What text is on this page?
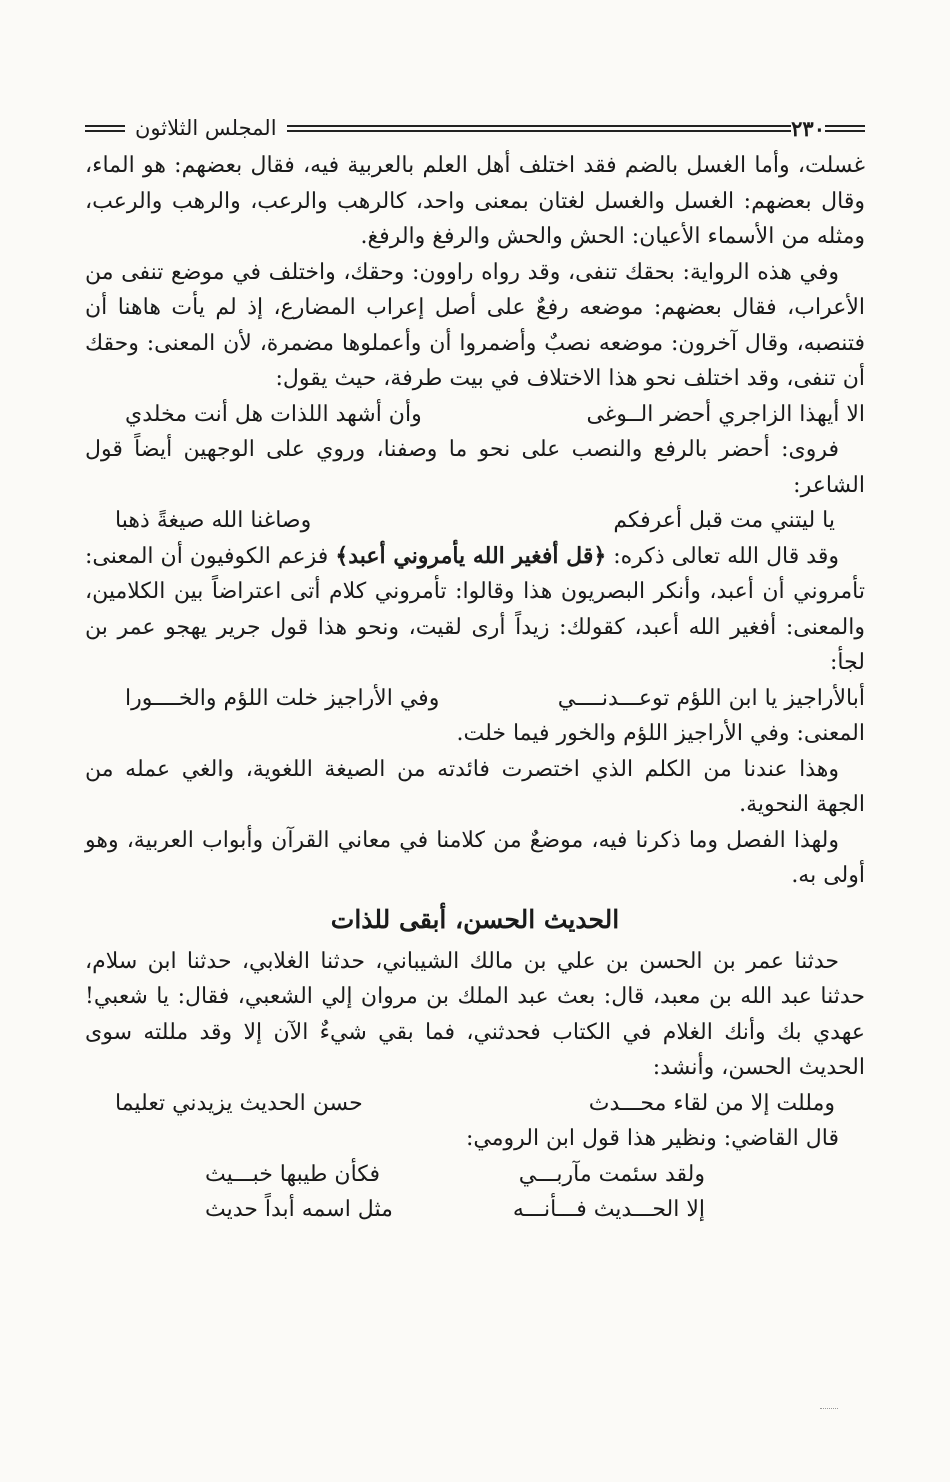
٢٣٠
المجلس الثلاثون

غسلت، وأما الغسل بالضم فقد اختلف أهل العلم بالعربية فيه، فقال بعضهم: هو الماء، وقال بعضهم: الغسل والغسل لغتان بمعنى واحد، كالرهب والرعب، والرهب والرعب، ومثله من الأسماء الأعيان: الحش والحش والرفغ والرفغ.

وفي هذه الرواية: بحقك تنفى، وقد رواه راوون: وحقك، واختلف في موضع تنفى من الأعراب، فقال بعضهم: موضعه رفعٌ على أصل إعراب المضارع، إذ لم يأت هاهنا أن فتنصبه، وقال آخرون: موضعه نصبٌ وأضمروا أن وأعملوها مضمرة، لأن المعنى: وحقك أن تنفى، وقد اختلف نحو هذا الاختلاف في بيت طرفة، حيث يقول:

الا أيهذا الزاجري أحضر الــوغى
وأن أشهد اللذات هل أنت مخلدي

فروى: أحضر بالرفع والنصب على نحو ما وصفنا، وروي على الوجهين أيضاً قول الشاعر:

يا ليتني مت قبل أعرفكم
وصاغنا الله صيغةً ذهبا

وقد قال الله تعالى ذكره: ﴿قل أفغير الله يأمروني أعبد﴾ فزعم الكوفيون أن المعنى: تأمروني أن أعبد، وأنكر البصريون هذا وقالوا: تأمروني كلام أتى اعتراضاً بين الكلامين، والمعنى: أفغير الله أعبد، كقولك: زيداً أرى لقيت، ونحو هذا قول جرير يهجو عمر بن لجأ:

أبالأراجيز يا ابن اللؤم توعـــدنــــي
وفي الأراجيز خلت اللؤم والخــــورا

المعنى: وفي الأراجيز اللؤم والخور فيما خلت.

وهذا عندنا من الكلم الذي اختصرت فائدته من الصيغة اللغوية، والغي عمله من الجهة النحوية.

ولهذا الفصل وما ذكرنا فيه، موضعٌ من كلامنا في معاني القرآن وأبواب العربية، وهو أولى به.

الحديث الحسن، أبقى للذات

حدثنا عمر بن الحسن بن علي بن مالك الشيباني، حدثنا الغلابي، حدثنا ابن سلام، حدثنا عبد الله بن معبد، قال: بعث عبد الملك بن مروان إلي الشعبي، فقال: يا شعبي! عهدي بك وأنك الغلام في الكتاب فحدثني، فما بقي شيءٌ الآن إلا وقد مللته سوى الحديث الحسن، وأنشد:

ومللت إلا من لقاء محـــدث
حسن الحديث يزيدني تعليما

قال القاضي: ونظير هذا قول ابن الرومي:

ولقد سئمت مآربـــي
فكأن طيبها خبـــيث
إلا الحـــديث فـــأنـــه
مثل اسمه أبداً حديث
